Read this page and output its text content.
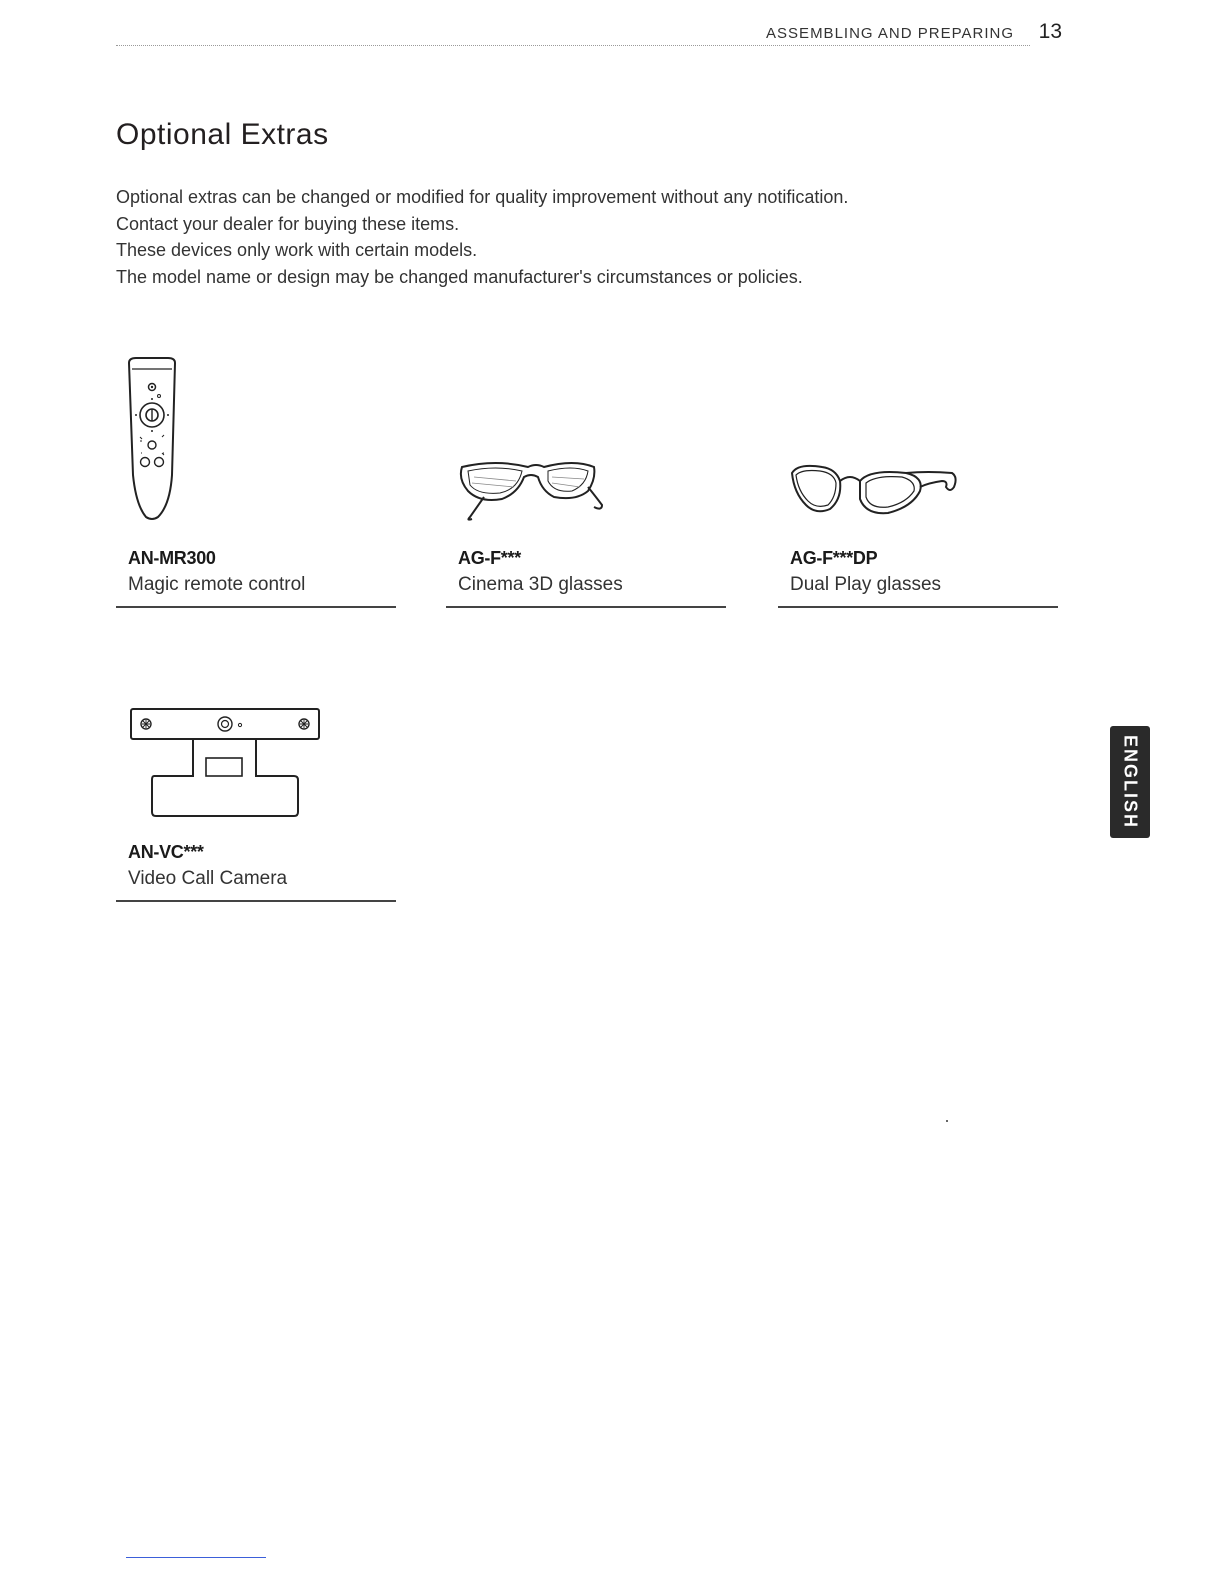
ASSEMBLING AND PREPARING 13
Optional Extras

Optional extras can be changed or modified for quality improvement without any notification.

Contact your dealer for buying these items.

These devices only work with certain models.

The model name or design may be changed manufacturer's circumstances or policies.

AN-MR300
Magic remote control
AG-F***
Cinema 3D glasses
AG-F***DP
Dual Play glasses
AN-VC***
Video Call Camera
ENGLISH
